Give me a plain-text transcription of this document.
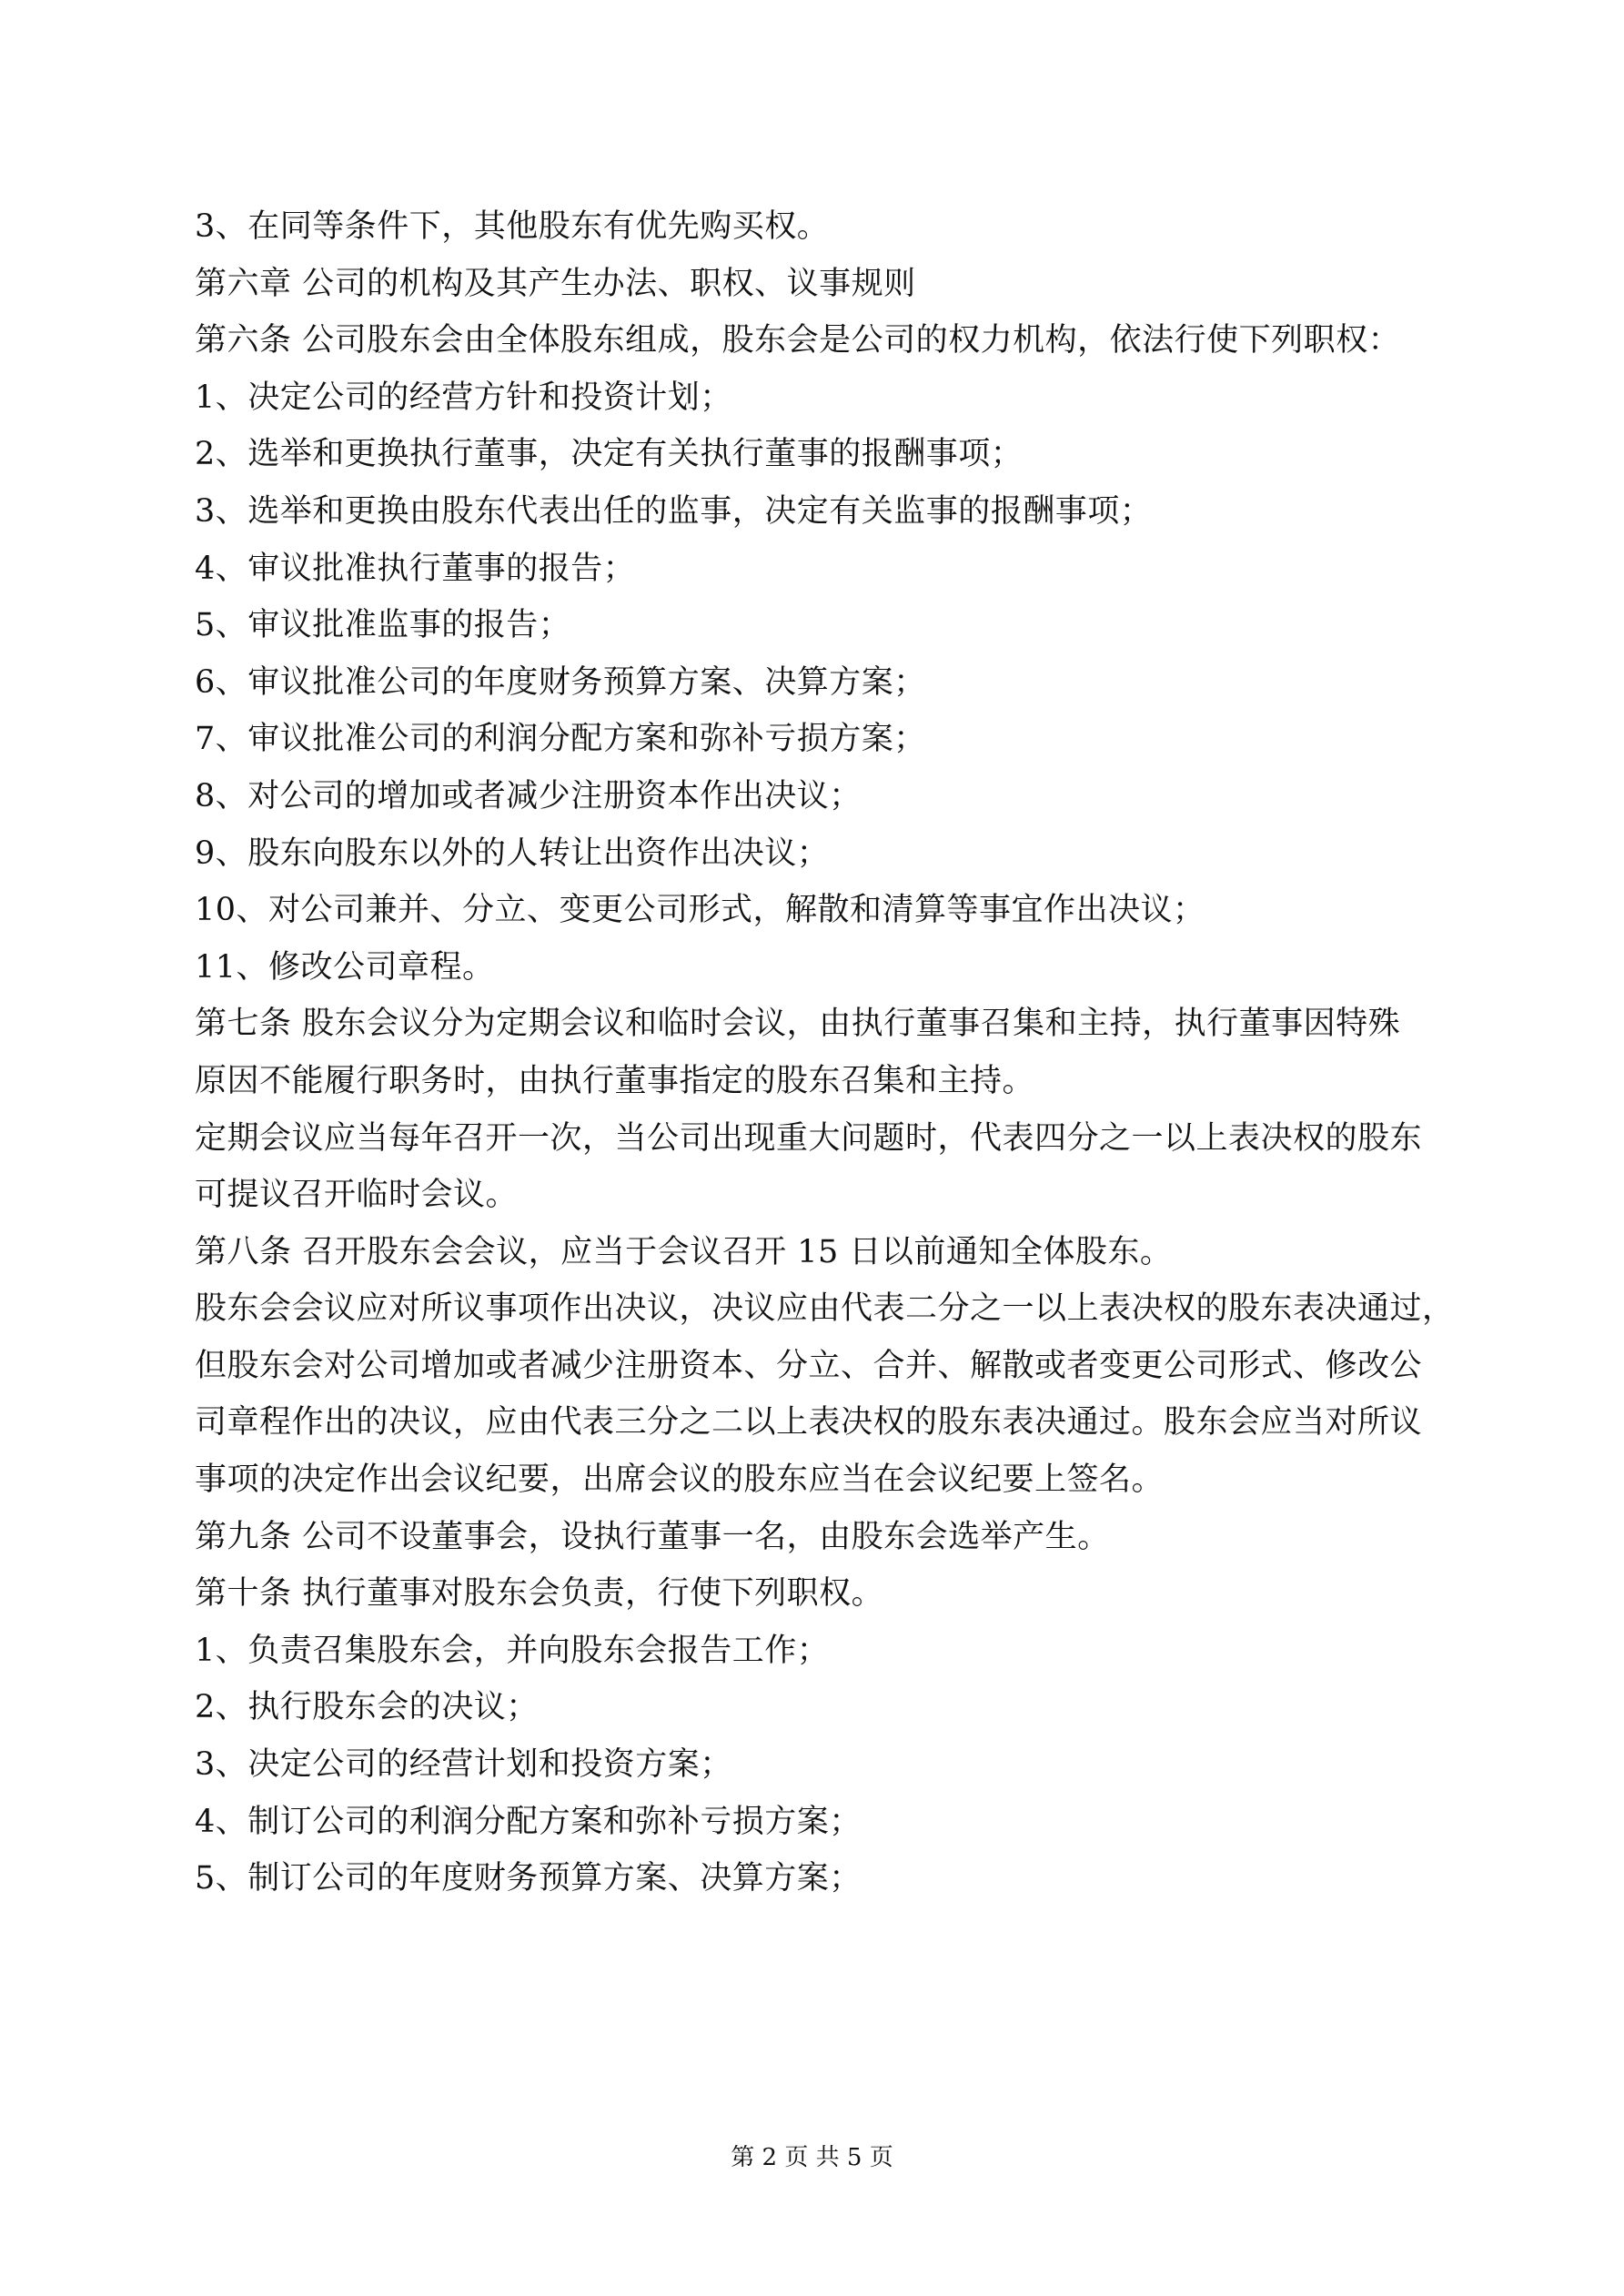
3、在同等条件下，其他股东有优先购买权。
第六章 公司的机构及其产生办法、职权、议事规则
第六条 公司股东会由全体股东组成，股东会是公司的权力机构，依法行使下列职权：
1、决定公司的经营方针和投资计划；
2、选举和更换执行董事，决定有关执行董事的报酬事项；
3、选举和更换由股东代表出任的监事，决定有关监事的报酬事项；
4、审议批准执行董事的报告；
5、审议批准监事的报告；
6、审议批准公司的年度财务预算方案、决算方案；
7、审议批准公司的利润分配方案和弥补亏损方案；
8、对公司的增加或者减少注册资本作出决议；
9、股东向股东以外的人转让出资作出决议；
10、对公司兼并、分立、变更公司形式，解散和清算等事宜作出决议；
11、修改公司章程。
第七条 股东会议分为定期会议和临时会议，由执行董事召集和主持，执行董事因特殊
原因不能履行职务时，由执行董事指定的股东召集和主持。
定期会议应当每年召开一次，当公司出现重大问题时，代表四分之一以上表决权的股东
可提议召开临时会议。
第八条 召开股东会会议，应当于会议召开 15 日以前通知全体股东。
股东会会议应对所议事项作出决议，决议应由代表二分之一以上表决权的股东表决通过，
但股东会对公司增加或者减少注册资本、分立、合并、解散或者变更公司形式、修改公
司章程作出的决议，应由代表三分之二以上表决权的股东表决通过。股东会应当对所议
事项的决定作出会议纪要，出席会议的股东应当在会议纪要上签名。
第九条 公司不设董事会，设执行董事一名，由股东会选举产生。
第十条 执行董事对股东会负责，行使下列职权。
1、负责召集股东会，并向股东会报告工作；
2、执行股东会的决议；
3、决定公司的经营计划和投资方案；
4、制订公司的利润分配方案和弥补亏损方案；
5、制订公司的年度财务预算方案、决算方案；
第 2 页 共 5 页
